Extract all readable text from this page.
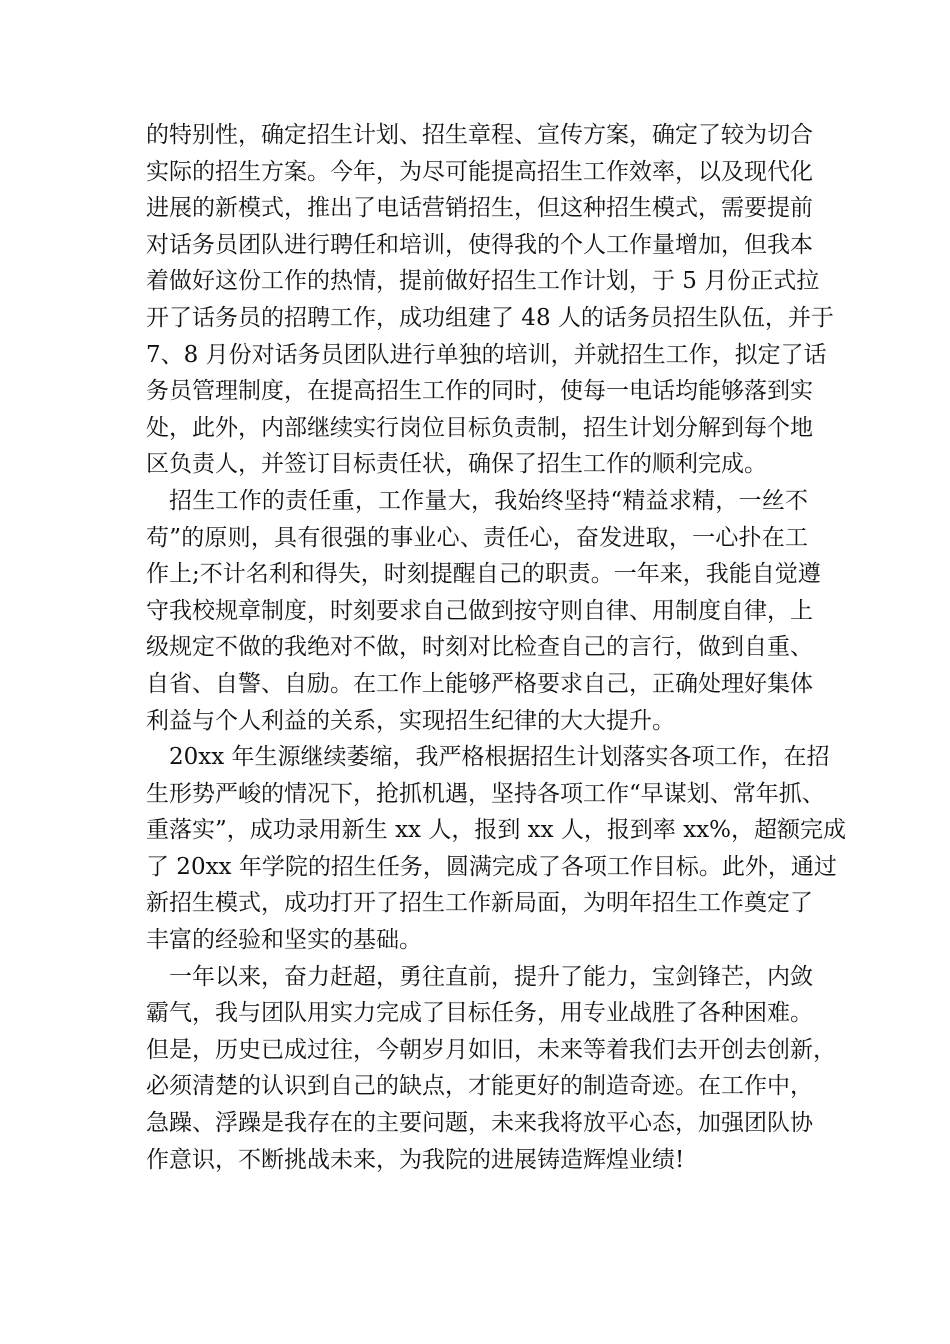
的特别性，确定招生计划、招生章程、宣传方案，确定了较为切合
实际的招生方案。今年，为尽可能提高招生工作效率，以及现代化
进展的新模式，推出了电话营销招生，但这种招生模式，需要提前
对话务员团队进行聘任和培训，使得我的个人工作量增加，但我本
着做好这份工作的热情，提前做好招生工作计划，于 5 月份正式拉
开了话务员的招聘工作，成功组建了 48 人的话务员招生队伍，并于
7、8 月份对话务员团队进行单独的培训，并就招生工作，拟定了话
务员管理制度，在提高招生工作的同时，使每一电话均能够落到实
处，此外，内部继续实行岗位目标负责制，招生计划分解到每个地
区负责人，并签订目标责任状，确保了招生工作的顺利完成。
招生工作的责任重，工作量大，我始终坚持“精益求精，一丝不
苟”的原则，具有很强的事业心、责任心，奋发进取，一心扑在工
作上;不计名利和得失，时刻提醒自己的职责。一年来，我能自觉遵
守我校规章制度，时刻要求自己做到按守则自律、用制度自律，上
级规定不做的我绝对不做，时刻对比检查自己的言行，做到自重、
自省、自警、自励。在工作上能够严格要求自己，正确处理好集体
利益与个人利益的关系，实现招生纪律的大大提升。
20xx 年生源继续萎缩，我严格根据招生计划落实各项工作，在招
生形势严峻的情况下，抢抓机遇，坚持各项工作“早谋划、常年抓、
重落实”，成功录用新生 xx 人，报到 xx 人，报到率 xx%，超额完成
了 20xx 年学院的招生任务，圆满完成了各项工作目标。此外，通过
新招生模式，成功打开了招生工作新局面，为明年招生工作奠定了
丰富的经验和坚实的基础。
一年以来，奋力赶超，勇往直前，提升了能力，宝剑锋芒，内敛
霸气，我与团队用实力完成了目标任务，用专业战胜了各种困难。
但是，历史已成过往，今朝岁月如旧，未来等着我们去开创去创新，
必须清楚的认识到自己的缺点，才能更好的制造奇迹。在工作中，
急躁、浮躁是我存在的主要问题，未来我将放平心态，加强团队协
作意识，不断挑战未来，为我院的进展铸造辉煌业绩!
